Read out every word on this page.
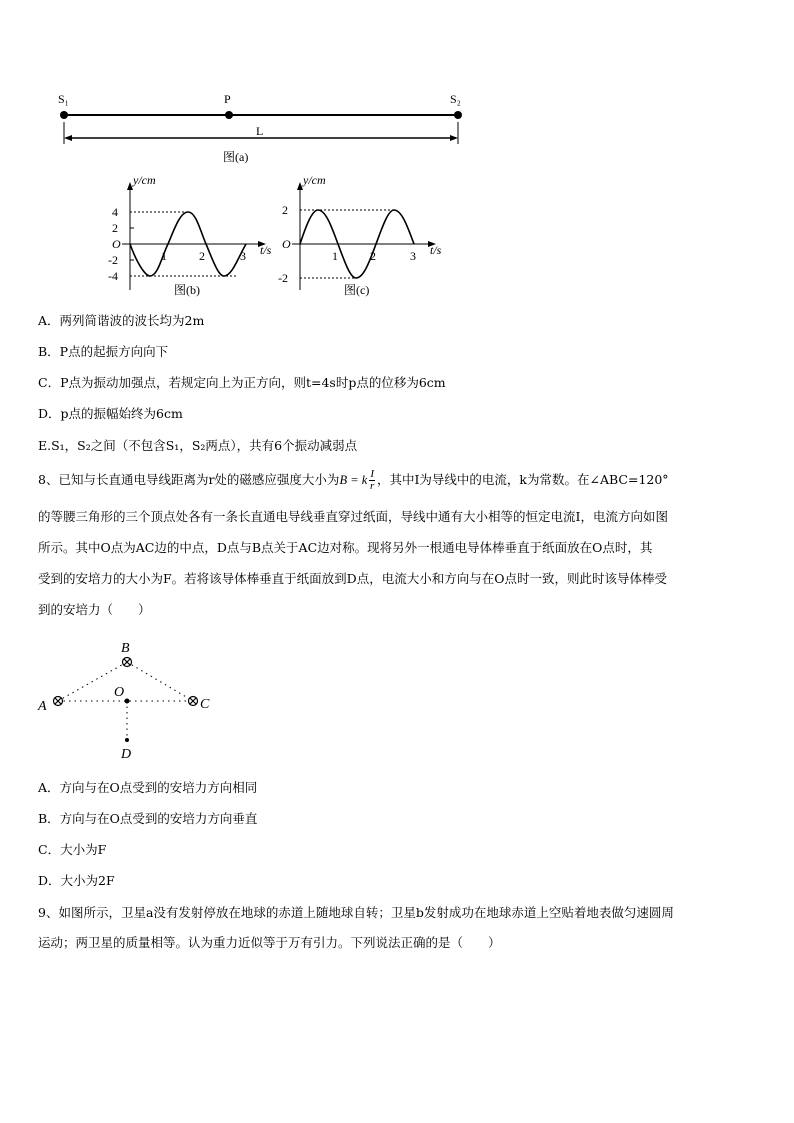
S₁	P	S₂
L
图(a)
y/cm
t/s
O
4
2
-2
-4
1	2	3
图(b)
y/cm
t/s
O
2
-2
1	2	3
图(c)
A．两列简谐波的波长均为2m
B．P点的起振方向向下
C．P点为振动加强点，若规定向上为正方向，则t=4s时p点的位移为6cm
D．p点的振幅始终为6cm
E.S₁，S₂之间（不包含S₁，S₂两点），共有6个振动减弱点
8、已知与长直通电导线距离为r处的磁感应强度大小为B = k $\frac{I}{r}$ ，其中I为导线中的电流，k为常数。在∠ABC=120°
的等腰三角形的三个顶点处各有一条长直通电导线垂直穿过纸面，导线中通有大小相等的恒定电流I，电流方向如图
所示。其中O点为AC边的中点，D点与B点关于AC边对称。现将另外一根通电导体棒垂直于纸面放在O点时，其
受到的安培力的大小为F。若将该导体棒垂直于纸面放到D点，电流大小和方向与在O点时一致，则此时该导体棒受
到的安培力（　　）
A
B
C
O
D
A．方向与在O点受到的安培力方向相同
B．方向与在O点受到的安培力方向垂直
C．大小为F
D．大小为2F
9、如图所示，卫星a没有发射停放在地球的赤道上随地球自转；卫星b发射成功在地球赤道上空贴着地表做匀速圆周
运动；两卫星的质量相等。认为重力近似等于万有引力。下列说法正确的是（　　）
